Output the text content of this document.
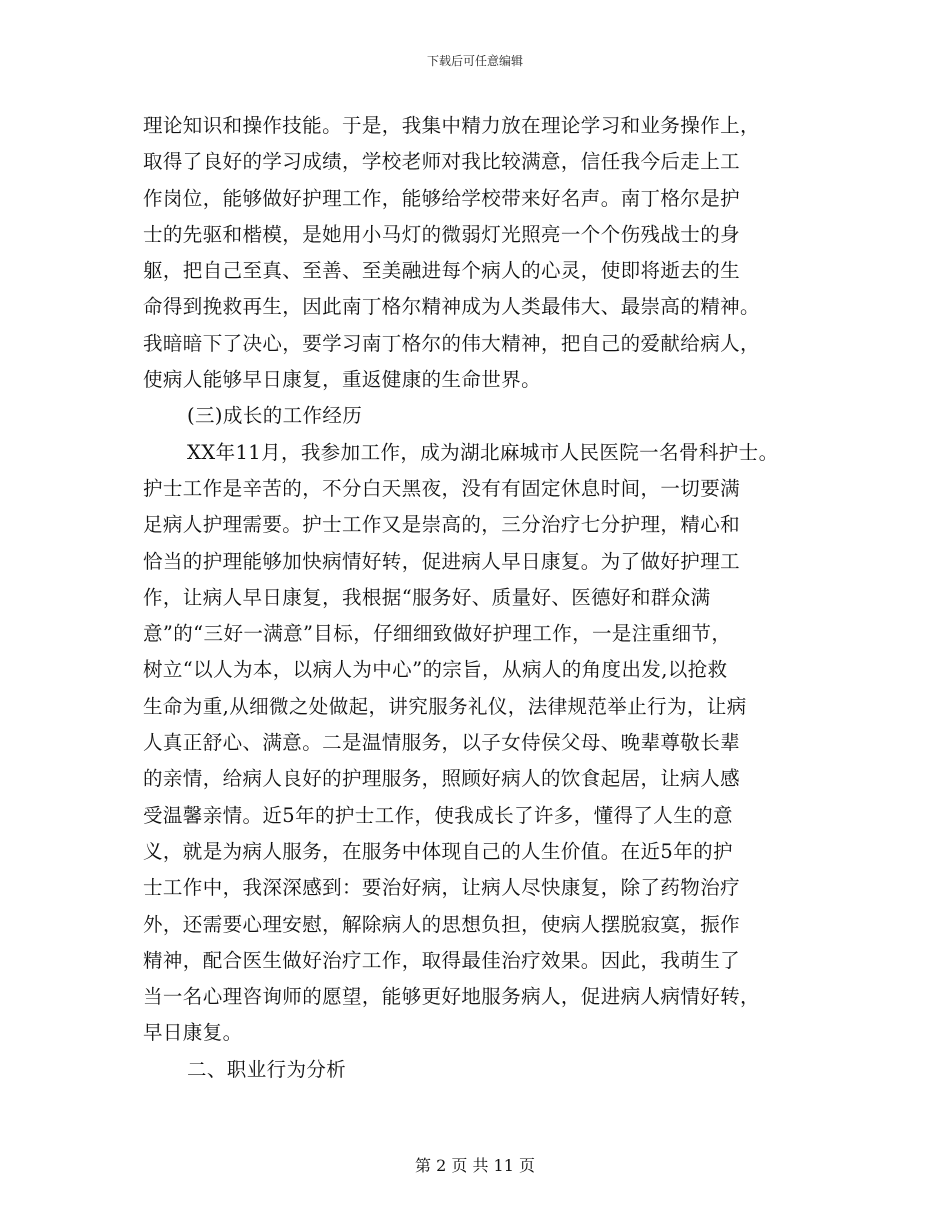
下载后可任意编辑
理论知识和操作技能。于是，我集中精力放在理论学习和业务操作上，
取得了良好的学习成绩，学校老师对我比较满意，信任我今后走上工
作岗位，能够做好护理工作，能够给学校带来好名声。南丁格尔是护
士的先驱和楷模，是她用小马灯的微弱灯光照亮一个个伤残战士的身
躯，把自己至真、至善、至美融进每个病人的心灵，使即将逝去的生
命得到挽救再生，因此南丁格尔精神成为人类最伟大、最崇高的精神。
我暗暗下了决心，要学习南丁格尔的伟大精神，把自己的爱献给病人，
使病人能够早日康复，重返健康的生命世界。
(三)成长的工作经历
XX年11月，我参加工作，成为湖北麻城市人民医院一名骨科护士。
护士工作是辛苦的，不分白天黑夜，没有有固定休息时间，一切要满
足病人护理需要。护士工作又是崇高的，三分治疗七分护理，精心和
恰当的护理能够加快病情好转，促进病人早日康复。为了做好护理工
作，让病人早日康复，我根据“服务好、质量好、医德好和群众满
意”的“三好一满意”目标，仔细细致做好护理工作，一是注重细节，
树立“以人为本，以病人为中心”的宗旨，从病人的角度出发,以抢救
生命为重,从细微之处做起，讲究服务礼仪，法律规范举止行为，让病
人真正舒心、满意。二是温情服务，以子女侍侯父母、晚辈尊敬长辈
的亲情，给病人良好的护理服务，照顾好病人的饮食起居，让病人感
受温馨亲情。近5年的护士工作，使我成长了许多，懂得了人生的意
义，就是为病人服务，在服务中体现自己的人生价值。在近5年的护
士工作中，我深深感到：要治好病，让病人尽快康复，除了药物治疗
外，还需要心理安慰，解除病人的思想负担，使病人摆脱寂寞，振作
精神，配合医生做好治疗工作，取得最佳治疗效果。因此，我萌生了
当一名心理咨询师的愿望，能够更好地服务病人，促进病人病情好转，
早日康复。
二、职业行为分析
第 2 页 共 11 页
